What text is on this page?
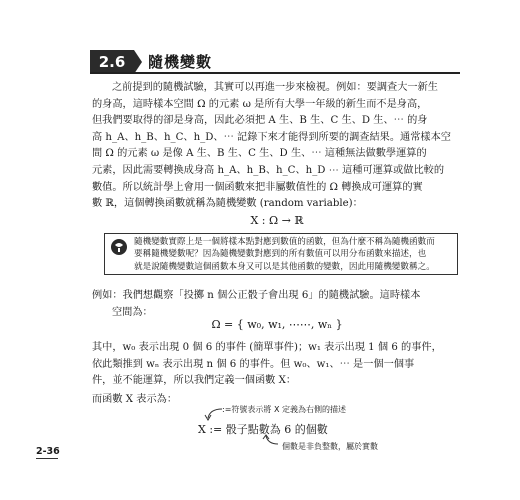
2.6	隨機變數

之前提到的隨機試驗，其實可以再進一步來檢視。例如：要調查大一新生

的身高，這時樣本空間 Ω 的元素 ω 是所有大學一年級的新生而不是身高，

但我們要取得的卻是身高，因此必須把 A 生、B 生、C 生、D 生、⋯ 的身

高 h_A、h_B、h_C、h_D、⋯ 記錄下來才能得到所要的調查結果。通常樣本空

間 Ω 的元素 ω 是像 A 生、B 生、C 生、D 生、⋯ 這種無法做數學運算的

元素，因此需要轉換成身高 h_A、h_B、h_C、h_D ⋯ 這種可運算或做比較的

數值。所以統計學上會用一個函數來把非屬數值性的 Ω 轉換成可運算的實

數 ℝ，這個轉換函數就稱為隨機變數 (random variable)：

X : Ω → ℝ
隨機變數實際上是一個將樣本點對應到數值的函數，但為什麼不稱為隨機函數而
要稱隨機變數呢？因為隨機變數對應到的所有數值可以用分布函數來描述，也
就是說隨機變數這個函數本身又可以是其他函數的變數，因此用隨機變數稱之。

例如：我們想觀察「投擲 n 個公正骰子會出現 6」的隨機試驗。這時樣本

空間為：

Ω = { w₀, w₁, ⋯⋯, wₙ }

其中，w₀ 表示出現 0 個 6 的事件 (簡單事件)；w₁ 表示出現 1 個 6 的事件，

依此類推到 wₙ 表示出現 n 個 6 的事件。但 w₀、w₁、⋯ 是一個一個事

件，並不能運算，所以我們定義一個函數 X：

而函數 X 表示為：
:=符號表示將 X 定義為右側的描述
X := 骰子點數為 6 的個數
個數是非負整數，屬於實數
2-36
